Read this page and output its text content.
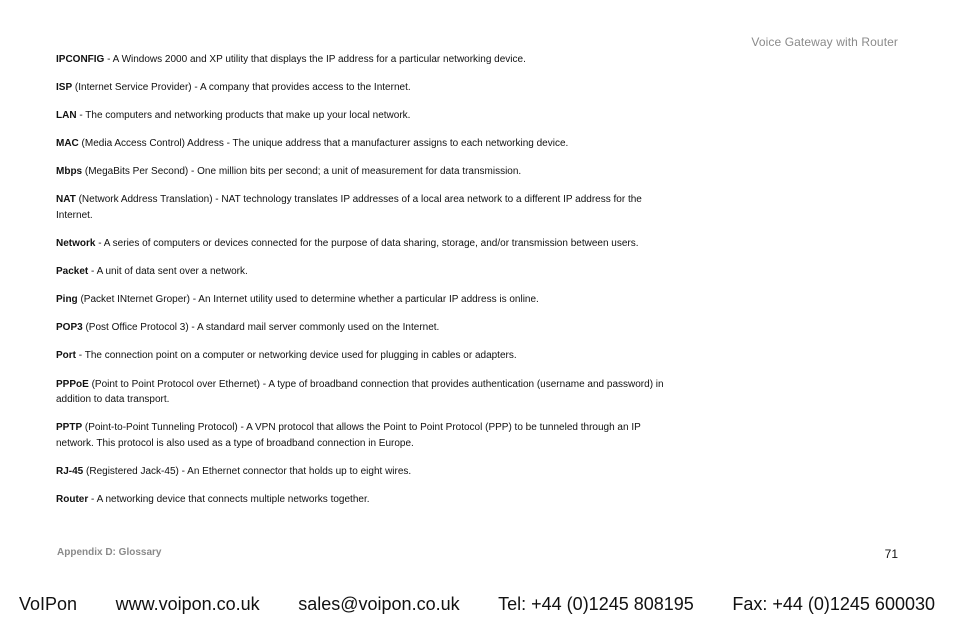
Voice Gateway with Router

IPCONFIG - A Windows 2000 and XP utility that displays the IP address for a particular networking device.

ISP (Internet Service Provider) - A company that provides access to the Internet.

LAN - The computers and networking products that make up your local network.

MAC (Media Access Control) Address - The unique address that a manufacturer assigns to each networking device.

Mbps (MegaBits Per Second) - One million bits per second; a unit of measurement for data transmission.

NAT (Network Address Translation) - NAT technology translates IP addresses of a local area network to a different IP address for the Internet.

Network - A series of computers or devices connected for the purpose of data sharing, storage, and/or transmission between users.

Packet - A unit of data sent over a network.

Ping (Packet INternet Groper) - An Internet utility used to determine whether a particular IP address is online.

POP3 (Post Office Protocol 3) - A standard mail server commonly used on the Internet.

Port - The connection point on a computer or networking device used for plugging in cables or adapters.

PPPoE (Point to Point Protocol over Ethernet) - A type of broadband connection that provides authentication (username and password) in addition to data transport.

PPTP (Point-to-Point Tunneling Protocol) - A VPN protocol that allows the Point to Point Protocol (PPP) to be tunneled through an IP network. This protocol is also used as a type of broadband connection in Europe.

RJ-45 (Registered Jack-45) - An Ethernet connector that holds up to eight wires.

Router - A networking device that connects multiple networks together.

Appendix D: Glossary	71
VoIPon www.voipon.co.uk sales@voipon.co.uk Tel: +44 (0)1245 808195 Fax: +44 (0)1245 600030
